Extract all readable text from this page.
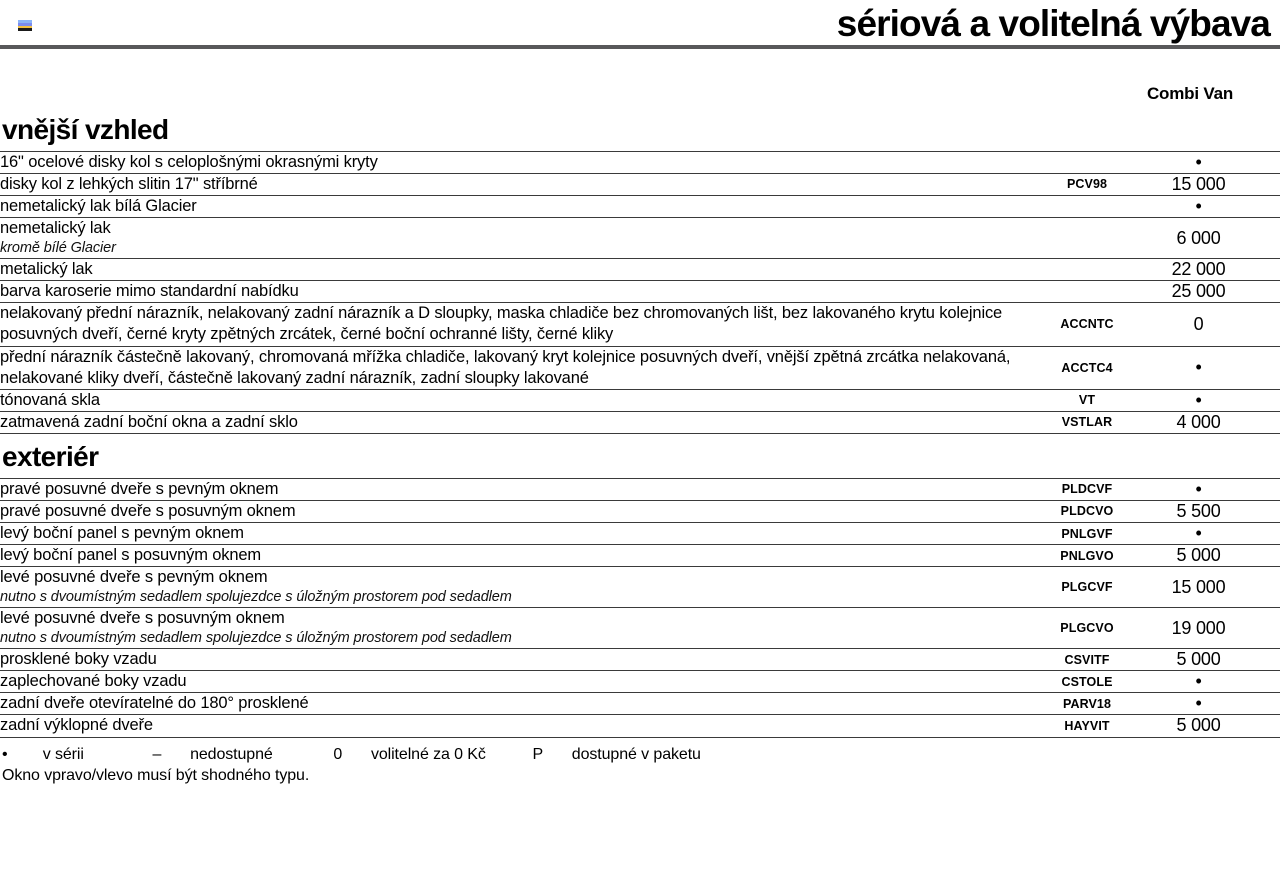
sériová a volitelná výbava
Combi Van
vnější vzhled
16" ocelové disky kol s celoplošnými okrasnými kryty		•
disky kol z lehkých slitin 17" stříbrné	PCV98	15 000
nemetalický lak bílá Glacier		•
nemetalický lak
kromě bílé Glacier		6 000
metalický lak		22 000
barva karoserie mimo standardní nabídku		25 000
nelakovaný přední nárazník, nelakovaný zadní nárazník a D sloupky, maska chladiče bez chromovaných lišt, bez lakovaného krytu kolejnice posuvných dveří, černé kryty zpětných zrcátek, černé boční ochranné lišty, černé kliky	ACCNTC	0
přední nárazník částečně lakovaný, chromovaná mřížka chladiče, lakovaný kryt kolejnice posuvných dveří, vnější zpětná zrcátka nelakovaná, nelakované kliky dveří, částečně lakovaný zadní nárazník, zadní sloupky lakované	ACCTC4	•
tónovaná skla	VT	•
zatmavená zadní boční okna a zadní sklo	VSTLAR	4 000
exteriér
pravé posuvné dveře s pevným oknem	PLDCVF	•
pravé posuvné dveře s posuvným oknem	PLDCVO	5 500
levý boční panel s pevným oknem	PNLGVF	•
levý boční panel s posuvným oknem	PNLGVO	5 000
levé posuvné dveře s pevným oknem
nutno s dvoumístným sedadlem spolujezdce s úložným prostorem pod sedadlem	PLGCVF	15 000
levé posuvné dveře s posuvným oknem
nutno s dvoumístným sedadlem spolujezdce s úložným prostorem pod sedadlem	PLGCVO	19 000
prosklené boky vzadu	CSVITF	5 000
zaplechované boky vzadu	CSTOLE	•
zadní dveře otevíratelné do 180° prosklené	PARV18	•
zadní výklopné dveře	HAYVIT	5 000
• v sérii	– nedostupné	0 volitelné za 0 Kč	P dostupné v paketu
Okno vpravo/vlevo musí být shodného typu.
